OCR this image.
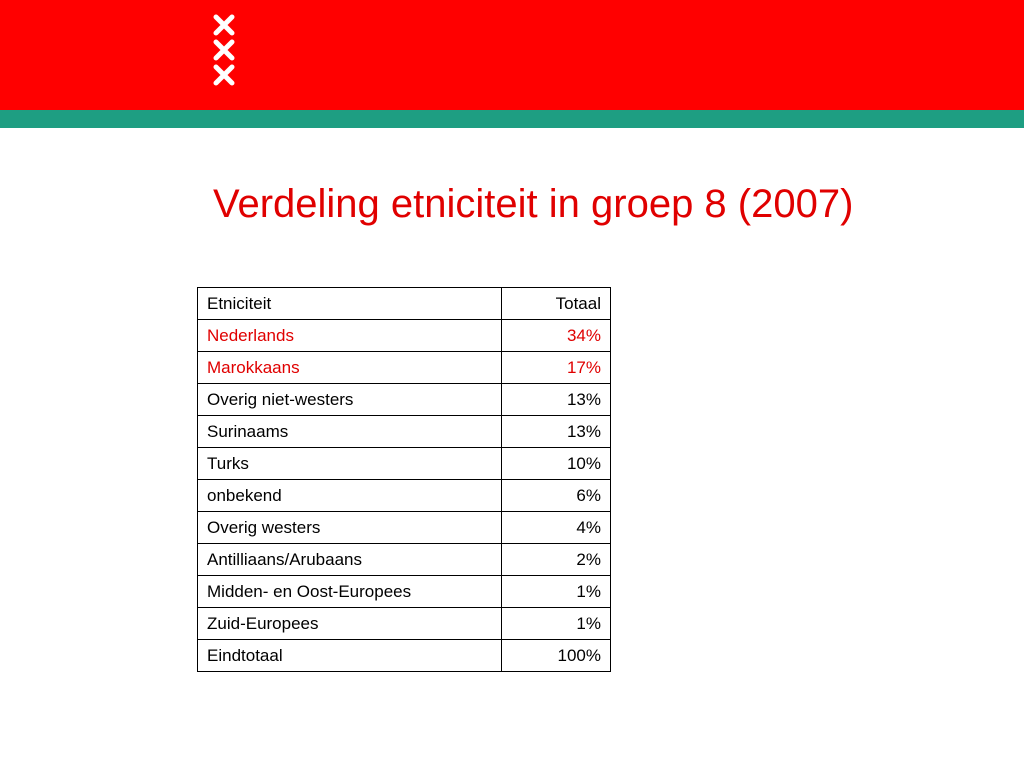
Verdeling etniciteit in groep 8 (2007)
Etniciteit	Totaal
Nederlands	34%
Marokkaans	17%
Overig niet-westers	13%
Surinaams	13%
Turks	10%
onbekend	6%
Overig westers	4%
Antilliaans/Arubaans	2%
Midden- en Oost-Europees	1%
Zuid-Europees	1%
Eindtotaal	100%
